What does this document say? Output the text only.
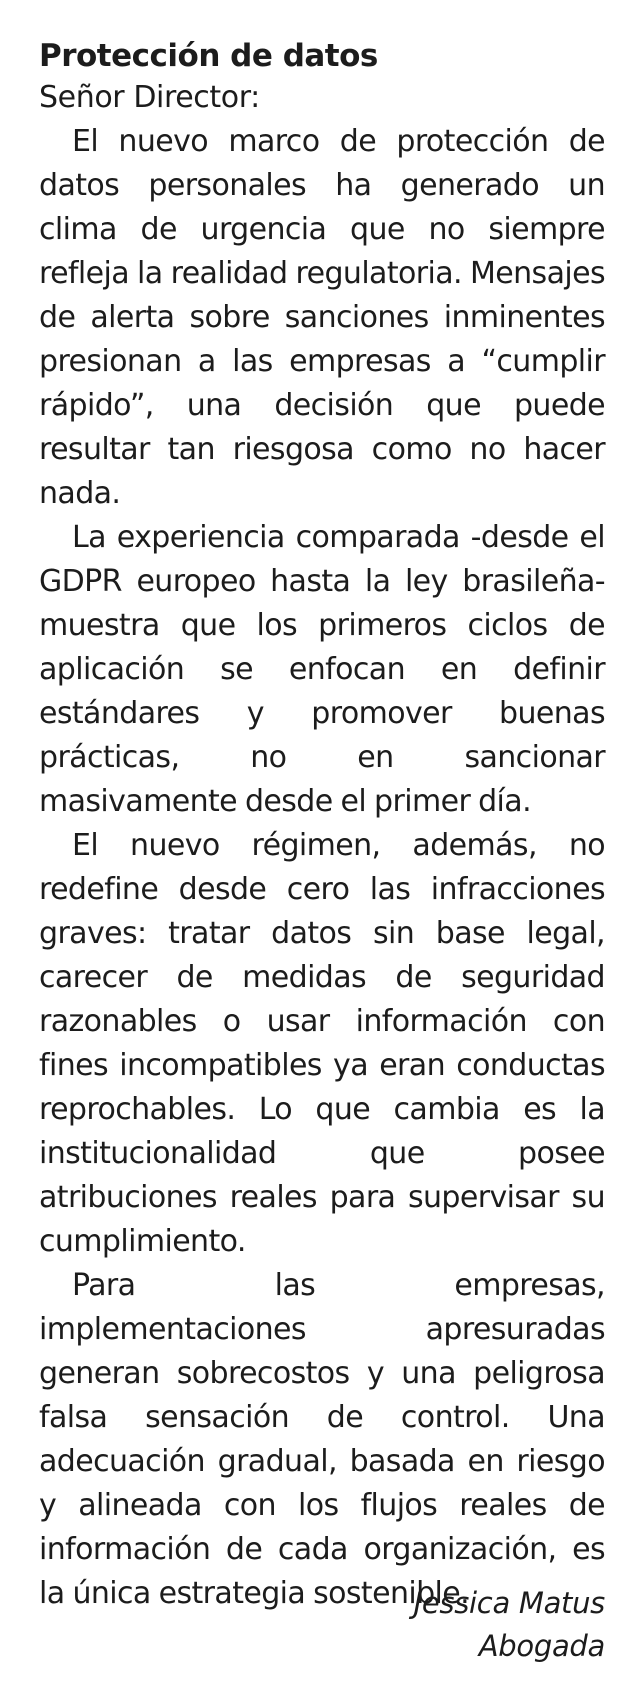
Protección de datos
Señor Director:

El nuevo marco de protección de datos personales ha generado un clima de urgencia que no siempre refleja la realidad regulatoria. Mensajes de alerta sobre sanciones inminentes presionan a las empresas a “cumplir rápido”, una decisión que puede resultar tan riesgosa como no hacer nada.

La experiencia comparada -desde el GDPR europeo hasta la ley brasileña- muestra que los primeros ciclos de aplicación se enfocan en definir estándares y promover buenas prácticas, no en sancionar masivamente desde el primer día.

El nuevo régimen, además, no redefine desde cero las infracciones graves: tratar datos sin base legal, carecer de medidas de seguridad razonables o usar información con fines incompatibles ya eran conductas reprochables. Lo que cambia es la institucionalidad que posee atribuciones reales para supervisar su cumplimiento.

Para las empresas, implementaciones apresuradas generan sobrecostos y una peligrosa falsa sensación de control. Una adecuación gradual, basada en riesgo y alineada con los flujos reales de información de cada organización, es la única estrategia sostenible.

Jessica Matus
Abogada
